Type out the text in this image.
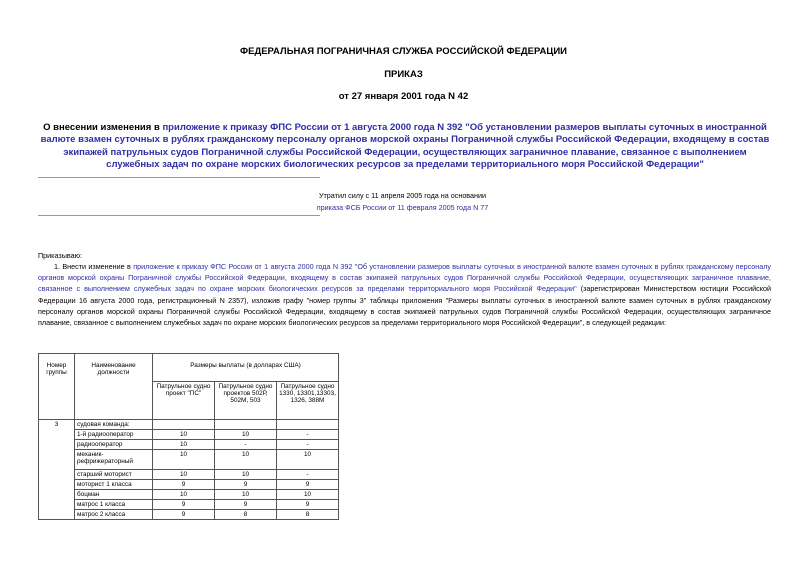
ФЕДЕРАЛЬНАЯ ПОГРАНИЧНАЯ СЛУЖБА РОССИЙСКОЙ ФЕДЕРАЦИИ
ПРИКАЗ
от 27 января 2001 года N 42
О внесении изменения в приложение к приказу ФПС России от 1 августа 2000 года N 392 "Об установлении размеров выплаты суточных в иностранной валюте взамен суточных в рублях гражданскому персоналу органов морской охраны Пограничной службы Российской Федерации, входящему в состав экипажей патрульных судов Пограничной службы Российской Федерации, осуществляющих заграничное плавание, связанное с выполнением служебных задач по охране морских биологических ресурсов за пределами территориального моря Российской Федерации"
Утратил силу с 11 апреля 2005 года на основании
приказа ФСБ России от 11 февраля 2005 года N 77
Приказываю:
1. Внести изменение в приложение к приказу ФПС России от 1 августа 2000 года N 392 "Об установлении размеров выплаты суточных в иностранной валюте взамен суточных в рублях гражданскому персоналу органов морской охраны Пограничной службы Российской Федерации, входящему в состав экипажей патрульных судов Пограничной службы Российской Федерации, осуществляющих заграничное плавание, связанное с выполнением служебных задач по охране морских биологических ресурсов за пределами территориального моря Российской Федерации" (зарегистрирован Министерством юстиции Российской Федерации 16 августа 2000 года, регистрационный N 2357), изложив графу "номер группы 3" таблицы приложения "Размеры выплаты суточных в иностранной валюте взамен суточных в рублях гражданскому персоналу органов морской охраны Пограничной службы Российской Федерации, входящему в состав экипажей патрульных судов Пограничной службы Российской Федерации, осуществляющих заграничное плавание, связанное с выполнением служебных задач по охране морских биологических ресурсов за пределами территориального моря Российской Федерации", в следующей редакции:
Номер группы	Наименование должности	Размеры выплаты (в долларах США)		
		Патрульное судно проект "ПС"	Патрульное судно проектов 502Р, 502М, 503	Патрульное судно 1330, 13301,13303, 1326, 388М
3	судовая команда:			
	1-й радиооператор	10	10	-
	радиооператор	10	-	-
	механик-рефрижераторный	10	10	10
	старший моторист	10	10	-
	моторист 1 класса	9	9	9
	боцман	10	10	10
	матрос 1 класса	9	9	9
	матрос 2 класса	9	8	8
